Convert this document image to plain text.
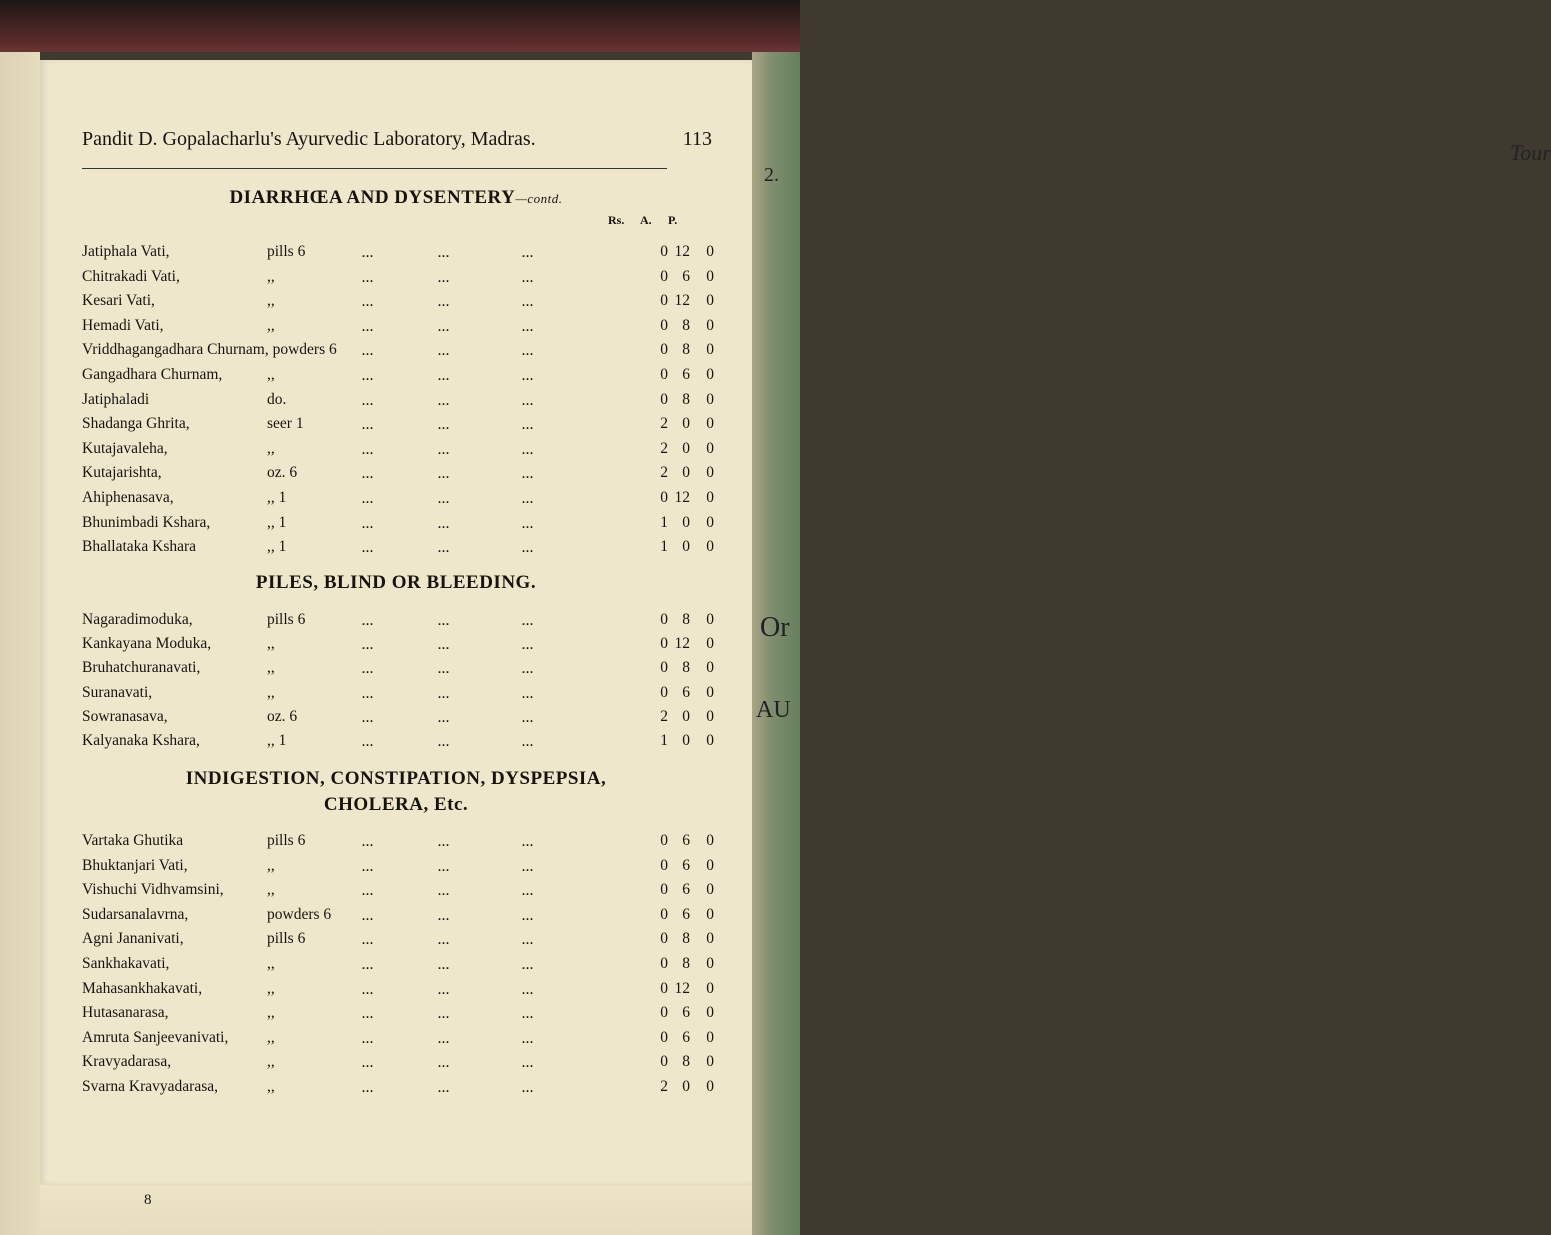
Tour
2.
Or
AU
Pandit D. Gopalacharlu's Ayurvedic Laboratory, Madras.	113
DIARRHŒA AND DYSENTERY—contd.
Rs. A. P.
Jatiphala Vati,	pills 6	...	...	...	0 12	0
Chitrakadi Vati,	,,	...	...	...	0 6	0
Kesari Vati,	,,	...	...	...	0 12	0
Hemadi Vati,	,,	...	...	...	0 8	0
Vriddhagangadhara Churnam, powders 6 ...	...	...	0 8	0
Gangadhara Churnam,	,,	...	...	...	0 6	0
Jatiphaladi	do.	...	...	...	0 8	0
Shadanga Ghrita,	seer 1	...	...	...	2 0	0
Kutajavaleha,	,,	...	...	...	2 0	0
Kutajarishta,	oz. 6	...	...	...	2 0	0
Ahiphenasava,	,, 1	...	...	...	0 12	0
Bhunimbadi Kshara,	,, 1	...	...	...	1 0	0
Bhallataka Kshara	,, 1	...	...	...	1 0	0
PILES, BLIND OR BLEEDING.
Nagaradimoduka,	pills 6	...	...	...	0 8	0
Kankayana Moduka,	,,	...	...	...	0 12	0
Bruhatchuranavati,	,,	...	...	...	0 8	0
Suranavati,	,,	...	...	...	0 6	0
Sowranasava,	oz. 6	...	...	...	2 0	0
Kalyanaka Kshara,	,, 1	...	...	...	1 0	0
INDIGESTION, CONSTIPATION, DYSPEPSIA,
CHOLERA, Etc.
Vartaka Ghutika	pills 6	...	...	...	0 6	0
Bhuktanjari Vati,	,,	...	...	...	0 6	0
Vishuchi Vidhvamsini,	,,	...	...	...	0 6	0
Sudarsanalavrna,	powders 6	...	...	...	0 6	0
Agni Jananivati,	pills 6	...	...	...	0 8	0
Sankhakavati,	,,	...	...	...	0 8	0
Mahasankhakavati,	,,	...	...	...	0 12	0
Hutasanarasa,	,,	...	...	...	0 6	0
Amruta Sanjeevanivati, ,,	...	...	...	0 6	0
Kravyadarasa,	,,	...	...	...	0 8	0
Svarna Kravyadarasa,	,,	...	...	...	2 0	0
8
